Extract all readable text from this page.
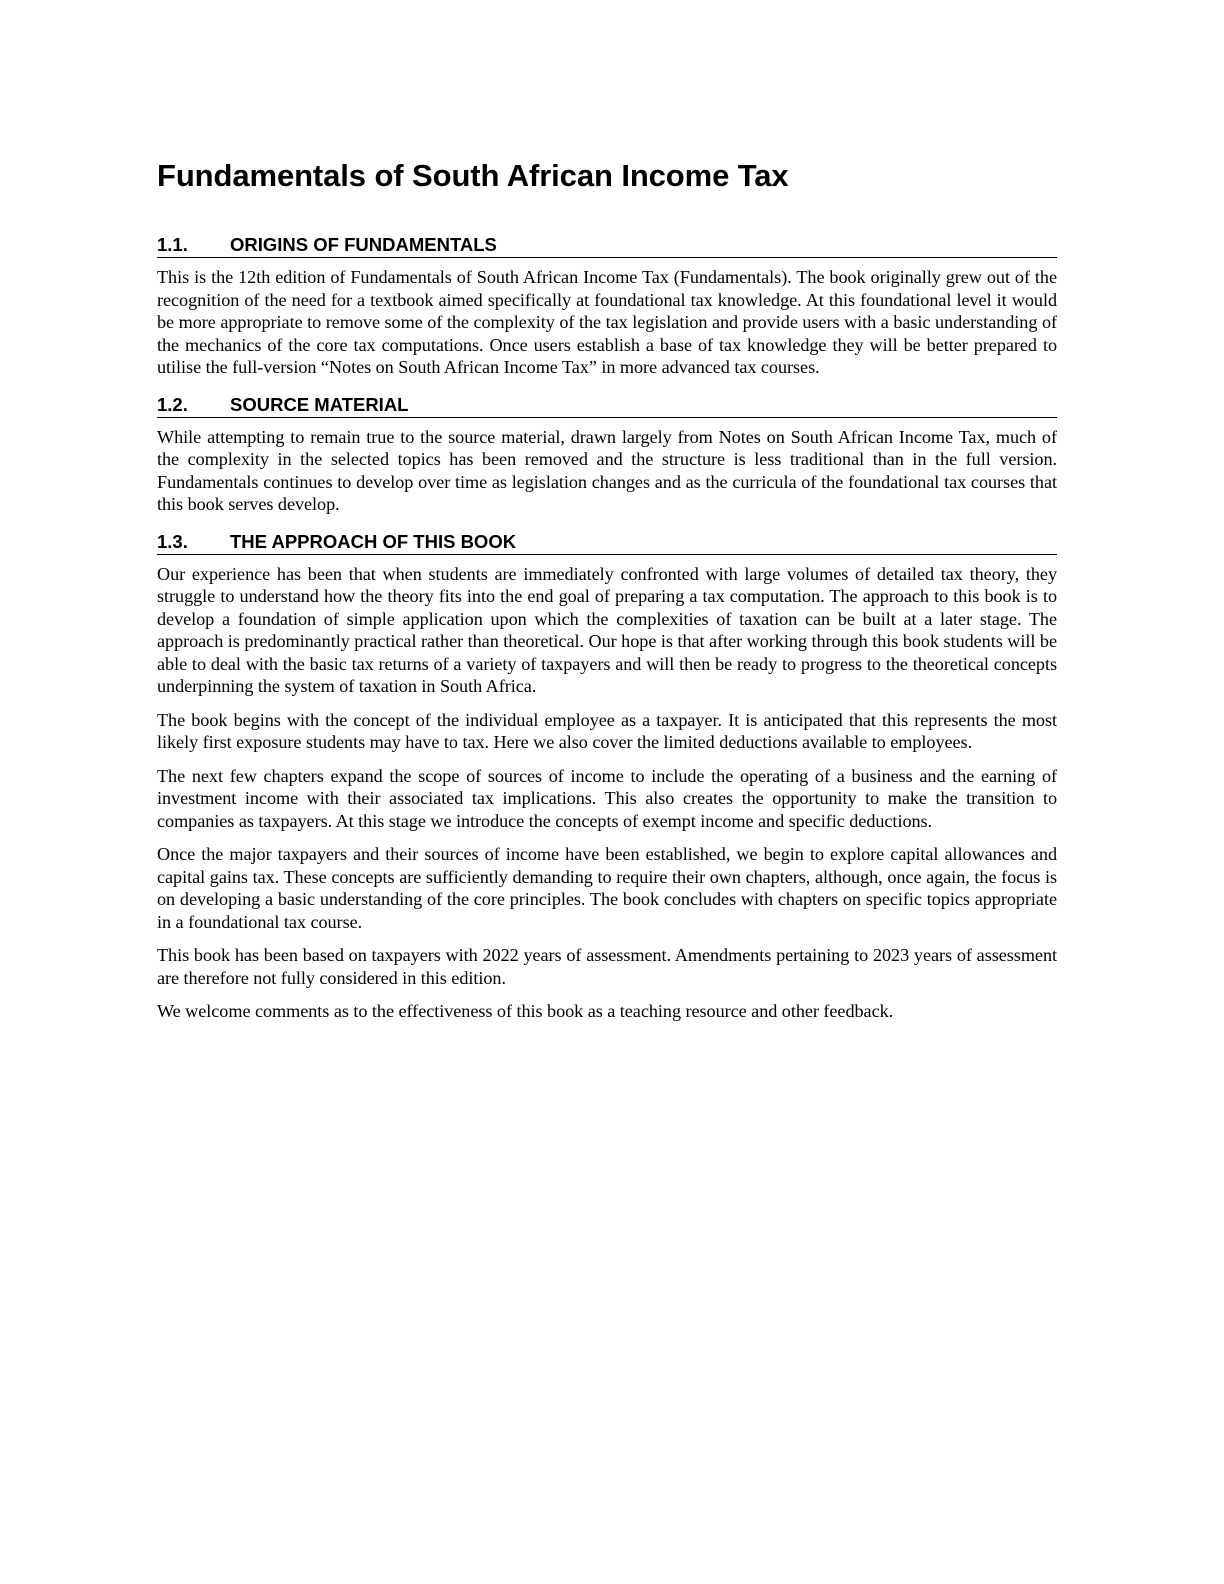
Fundamentals of South African Income Tax
1.1.	ORIGINS OF FUNDAMENTALS

This is the 12th edition of Fundamentals of South African Income Tax (Fundamentals). The book originally grew out of the recognition of the need for a textbook aimed specifically at foundational tax knowledge. At this foundational level it would be more appropriate to remove some of the complexity of the tax legislation and provide users with a basic understanding of the mechanics of the core tax computations. Once users establish a base of tax knowledge they will be better prepared to utilise the full-version “Notes on South African Income Tax” in more advanced tax courses.

1.2.	SOURCE MATERIAL

While attempting to remain true to the source material, drawn largely from Notes on South African Income Tax, much of the complexity in the selected topics has been removed and the structure is less traditional than in the full version. Fundamentals continues to develop over time as legislation changes and as the curricula of the foundational tax courses that this book serves develop.

1.3.	THE APPROACH OF THIS BOOK

Our experience has been that when students are immediately confronted with large volumes of detailed tax theory, they struggle to understand how the theory fits into the end goal of preparing a tax computation. The approach to this book is to develop a foundation of simple application upon which the complexities of taxation can be built at a later stage. The approach is predominantly practical rather than theoretical. Our hope is that after working through this book students will be able to deal with the basic tax returns of a variety of taxpayers and will then be ready to progress to the theoretical concepts underpinning the system of taxation in South Africa.

The book begins with the concept of the individual employee as a taxpayer. It is anticipated that this represents the most likely first exposure students may have to tax. Here we also cover the limited deductions available to employees.

The next few chapters expand the scope of sources of income to include the operating of a business and the earning of investment income with their associated tax implications. This also creates the opportunity to make the transition to companies as taxpayers. At this stage we introduce the concepts of exempt income and specific deductions.

Once the major taxpayers and their sources of income have been established, we begin to explore capital allowances and capital gains tax. These concepts are sufficiently demanding to require their own chapters, although, once again, the focus is on developing a basic understanding of the core principles. The book concludes with chapters on specific topics appropriate in a foundational tax course.

This book has been based on taxpayers with 2022 years of assessment. Amendments pertaining to 2023 years of assessment are therefore not fully considered in this edition.

We welcome comments as to the effectiveness of this book as a teaching resource and other feedback.
